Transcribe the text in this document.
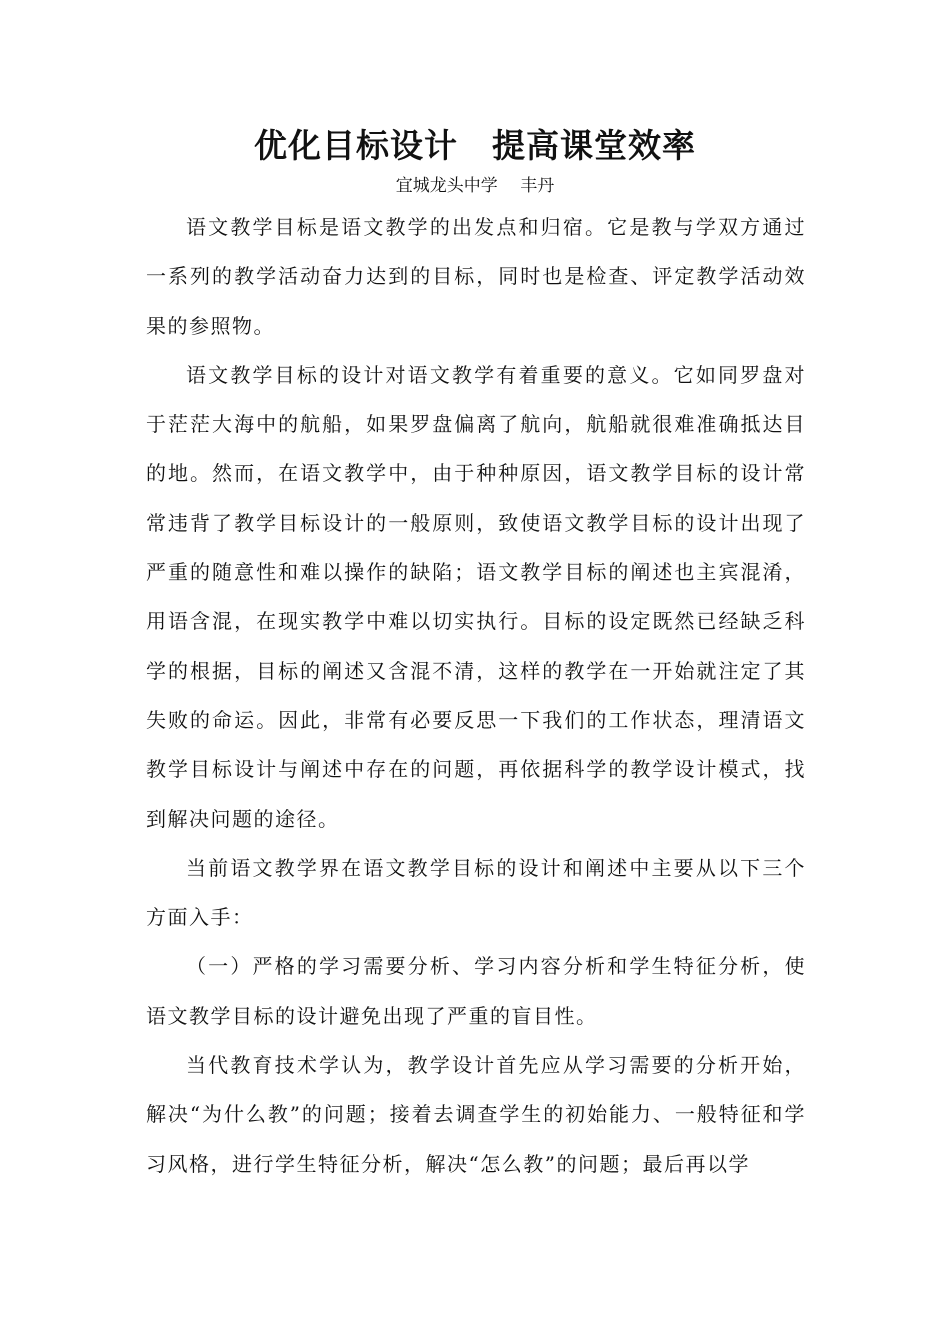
优化目标设计　提高课堂效率
宜城龙头中学　 丰丹

语文教学目标是语文教学的出发点和归宿。它是教与学双方通过一系列的教学活动奋力达到的目标，同时也是检查、评定教学活动效果的参照物。

语文教学目标的设计对语文教学有着重要的意义。它如同罗盘对于茫茫大海中的航船，如果罗盘偏离了航向，航船就很难准确抵达目的地。然而，在语文教学中，由于种种原因，语文教学目标的设计常常违背了教学目标设计的一般原则，致使语文教学目标的设计出现了严重的随意性和难以操作的缺陷；语文教学目标的阐述也主宾混淆，用语含混，在现实教学中难以切实执行。目标的设定既然已经缺乏科学的根据，目标的阐述又含混不清，这样的教学在一开始就注定了其失败的命运。因此，非常有必要反思一下我们的工作状态，理清语文教学目标设计与阐述中存在的问题，再依据科学的教学设计模式，找到解决问题的途径。

当前语文教学界在语文教学目标的设计和阐述中主要从以下三个方面入手：

（一）严格的学习需要分析、学习内容分析和学生特征分析，使语文教学目标的设计避免出现了严重的盲目性。

当代教育技术学认为，教学设计首先应从学习需要的分析开始，解决“为什么教”的问题；接着去调查学生的初始能力、一般特征和学习风格，进行学生特征分析，解决“怎么教”的问题；最后再以学
